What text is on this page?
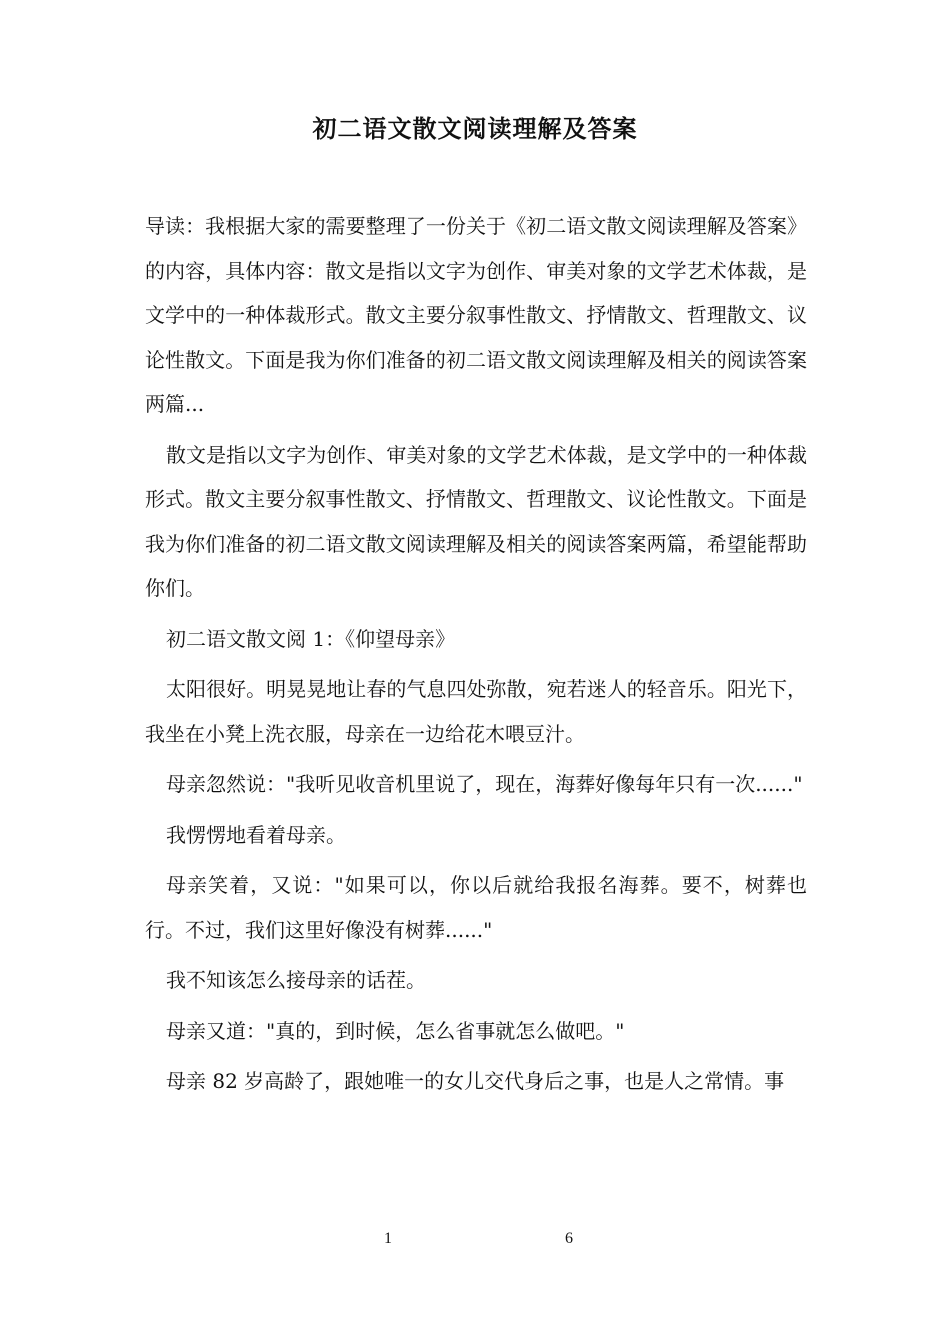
初二语文散文阅读理解及答案

导读：我根据大家的需要整理了一份关于《初二语文散文阅读理解及答案》的内容，具体内容：散文是指以文字为创作、审美对象的文学艺术体裁，是文学中的一种体裁形式。散文主要分叙事性散文、抒情散文、哲理散文、议论性散文。下面是我为你们准备的初二语文散文阅读理解及相关的阅读答案两篇...

散文是指以文字为创作、审美对象的文学艺术体裁，是文学中的一种体裁形式。散文主要分叙事性散文、抒情散文、哲理散文、议论性散文。下面是我为你们准备的初二语文散文阅读理解及相关的阅读答案两篇，希望能帮助你们。

初二语文散文阅 1：《仰望母亲》

太阳很好。明晃晃地让春的气息四处弥散，宛若迷人的轻音乐。阳光下，我坐在小凳上洗衣服，母亲在一边给花木喂豆汁。

母亲忽然说："我听见收音机里说了，现在，海葬好像每年只有一次......"

我愣愣地看着母亲。

母亲笑着，又说："如果可以，你以后就给我报名海葬。要不，树葬也行。不过，我们这里好像没有树葬......"

我不知该怎么接母亲的话茬。

母亲又道："真的，到时候，怎么省事就怎么做吧。"

母亲 82 岁高龄了，跟她唯一的女儿交代身后之事，也是人之常情。事

1	6
